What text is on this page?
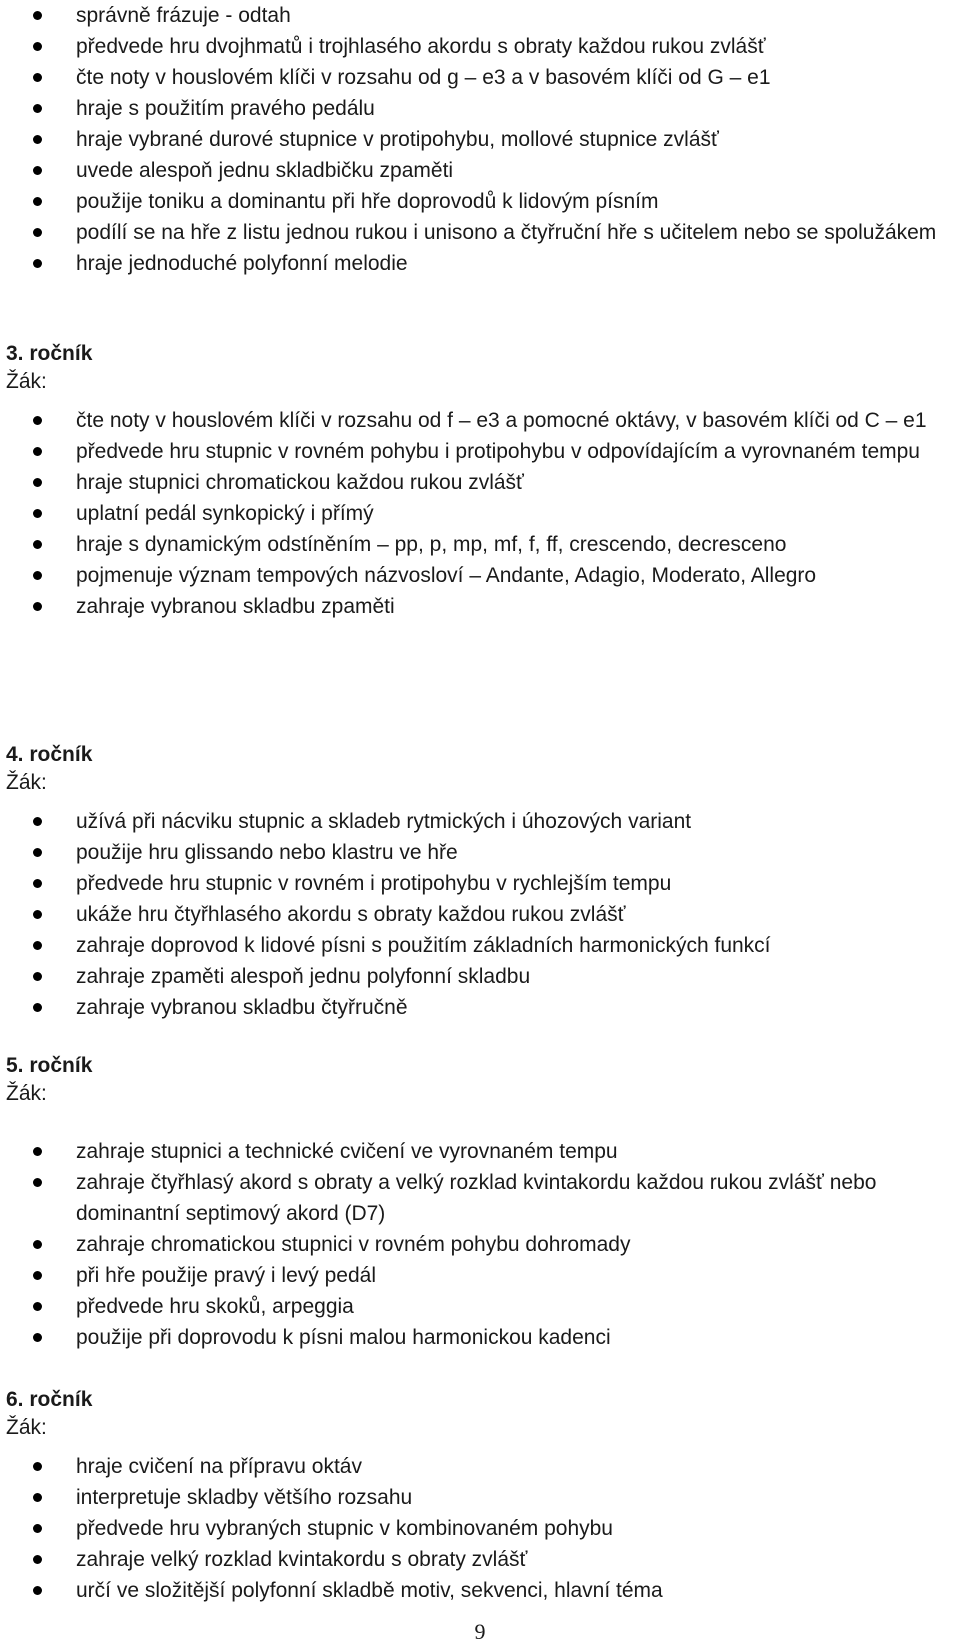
správně frázuje - odtah
předvede hru dvojhmatů i trojhlasého akordu s obraty každou rukou zvlášť
čte noty v houslovém klíči v rozsahu od g – e3 a v basovém klíči od G – e1
hraje s použitím pravého pedálu
hraje vybrané durové stupnice v protipohybu, mollové stupnice zvlášť
uvede alespoň jednu skladbičku zpaměti
použije toniku a dominantu při hře doprovodů k lidovým písním
podílí se na hře z listu jednou rukou i unisono a čtyřruční hře s učitelem nebo se spolužákem
hraje jednoduché polyfonní melodie
3. ročník
Žák:
čte noty v houslovém klíči v rozsahu od f – e3 a pomocné oktávy, v basovém klíči od C – e1
předvede hru stupnic v rovném pohybu i protipohybu v odpovídajícím a vyrovnaném tempu
hraje stupnici chromatickou každou rukou zvlášť
uplatní pedál synkopický i přímý
hraje s dynamickým odstíněním – pp, p, mp, mf, f, ff, crescendo, decresceno
pojmenuje význam tempových názvosloví – Andante, Adagio, Moderato, Allegro
zahraje vybranou skladbu zpaměti
4. ročník
Žák:
užívá při nácviku stupnic a skladeb rytmických i úhozových variant
použije hru glissando nebo klastru ve hře
předvede hru stupnic v rovném i protipohybu v rychlejším tempu
ukáže hru čtyřhlasého akordu s obraty každou rukou zvlášť
zahraje doprovod k lidové písni s použitím základních harmonických funkcí
zahraje zpaměti alespoň jednu polyfonní skladbu
zahraje vybranou skladbu čtyřručně
5. ročník
Žák:
zahraje stupnici a technické cvičení ve vyrovnaném tempu
zahraje čtyřhlasý akord s obraty a velký rozklad kvintakordu každou rukou zvlášť nebo dominantní septimový akord (D7)
zahraje chromatickou stupnici v rovném pohybu dohromady
při hře použije pravý i levý pedál
předvede hru skoků, arpeggia
použije při doprovodu k písni malou harmonickou kadenci
6. ročník
Žák:
hraje cvičení na přípravu oktáv
interpretuje skladby většího rozsahu
předvede hru vybraných stupnic v kombinovaném pohybu
zahraje velký rozklad kvintakordu s obraty zvlášť
určí ve složitější polyfonní skladbě motiv, sekvenci, hlavní téma
9
